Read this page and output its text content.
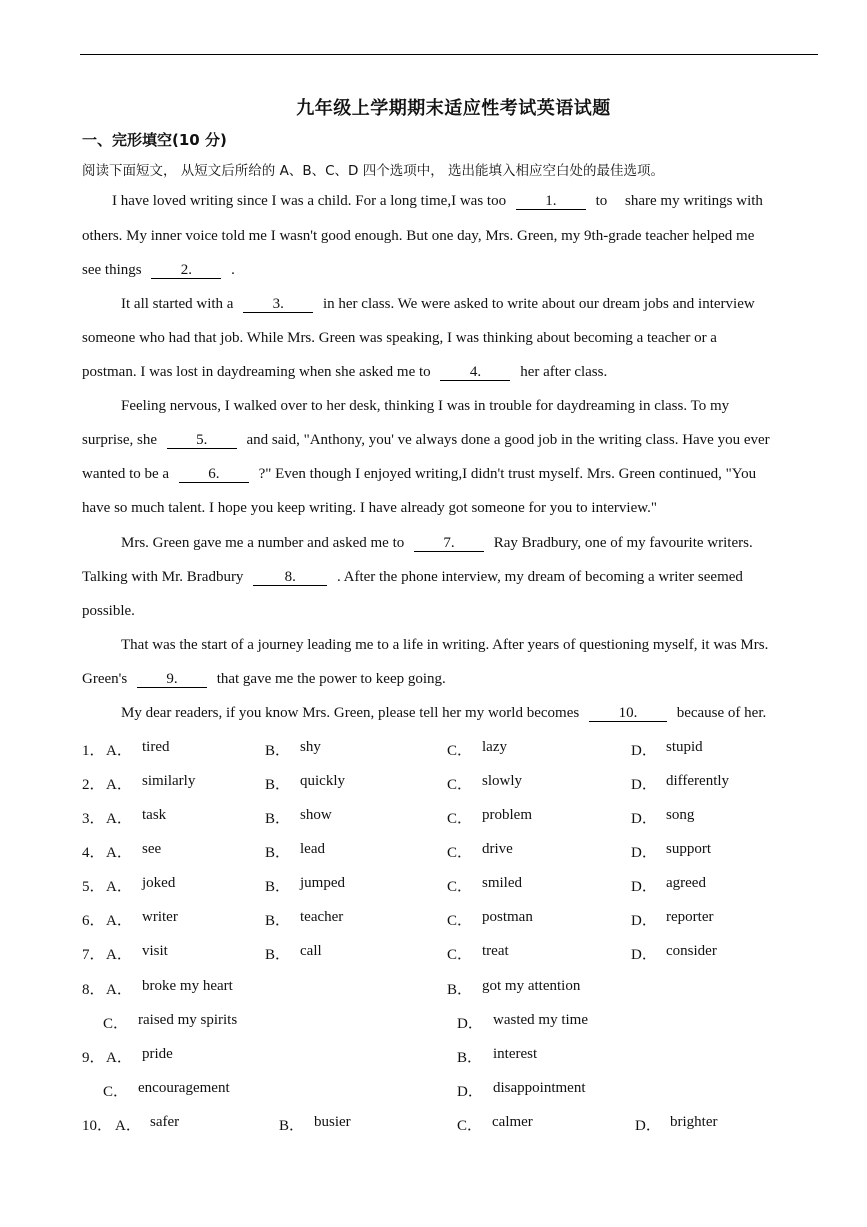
九年级上学期期末适应性考试英语试题
一、完形填空(10 分)
阅读下面短文， 从短文后所给的 A、B、C、D 四个选项中， 选出能填入相应空白处的最佳选项。
I have loved writing since I was a child. For a long time,I was too	1.	to share my writings with
others. My inner voice told me I wasn't good enough. But one day, Mrs. Green, my 9th-grade teacher helped me
see things	2.	.
It all started with a	3.	in her class. We were asked to write about our dream jobs and interview
someone who had that job. While Mrs. Green was speaking, I was thinking about becoming a teacher or a
postman. I was lost in daydreaming when she asked me to	4.	her after class.
Feeling nervous, I walked over to her desk, thinking I was in trouble for daydreaming in class. To my
surprise, she	5.	and said, "Anthony, you' ve always done a good job in the writing class. Have you ever
wanted to be a	6.	?" Even though I enjoyed writing,I didn't trust myself. Mrs. Green continued, "You
have so much talent. I hope you keep writing. I have already got someone for you to interview."
Mrs. Green gave me a number and asked me to	7.	Ray Bradbury, one of my favourite writers.
Talking with Mr. Bradbury	8.	. After the phone interview, my dream of becoming a writer seemed
possible.
That was the start of a journey leading me to a life in writing. After years of questioning myself, it was Mrs.
Green's	9.	that gave me the power to keep going.
My dear readers, if you know Mrs. Green, please tell her my world becomes	10.	because of her.
1． A． tired	B． shy	C． lazy	D． stupid
2． A． similarly	B． quickly	C． slowly	D． differently
3． A． task	B． show	C． problem	D． song
4． A． see	B． lead	C． drive	D． support
5． A． joked	B． jumped	C． smiled	D． agreed
6． A． writer	B． teacher	C． postman	D． reporter
7． A． visit	B． call	C． treat	D． consider
8． A． broke my heart	B． got my attention
C． raised my spirits	D． wasted my time
9． A． pride	B． interest
C． encouragement	D． disappointment
10． A． safer	B． busier	C． calmer	D． brighter
